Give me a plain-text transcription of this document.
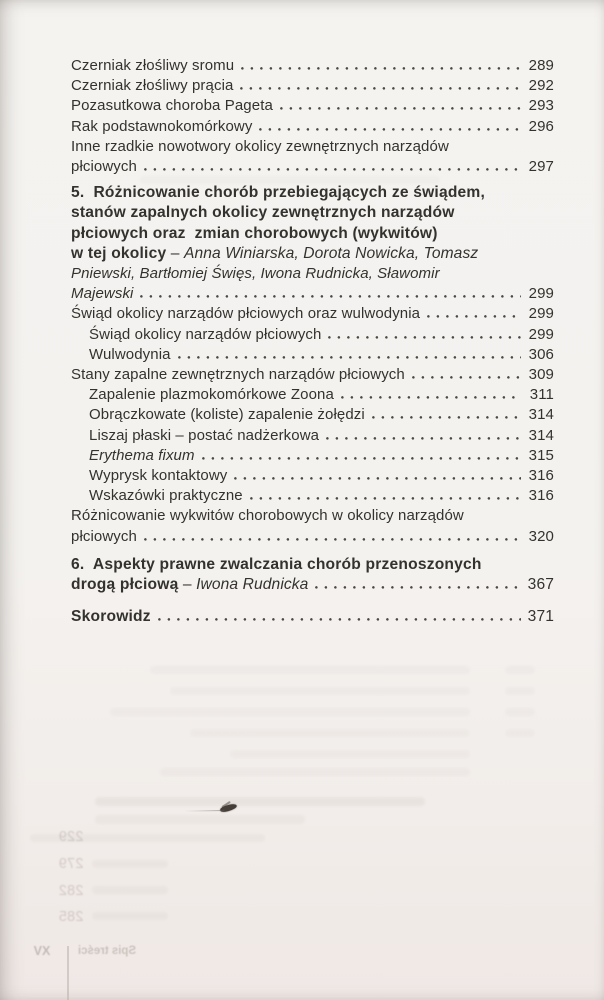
Czerniak złośliwy sromu	289
Czerniak złośliwy prącia	292
Pozasutkowa choroba Pageta	293
Rak podstawnokomórkowy	296
Inne rzadkie nowotwory okolicy zewnętrznych narządów
płciowych	297
5.  Różnicowanie chorób przebiegających ze świądem,
stanów zapalnych okolicy zewnętrznych narządów
płciowych oraz  zmian chorobowych (wykwitów)
w tej okolicy – Anna Winiarska, Dorota Nowicka, Tomasz
Pniewski, Bartłomiej Święs, Iwona Rudnicka, Sławomir
Majewski	299
Świąd okolicy narządów płciowych oraz wulwodynia	299
Świąd okolicy narządów płciowych	299
Wulwodynia	306
Stany zapalne zewnętrznych narządów płciowych	309
Zapalenie plazmokomórkowe Zoona	311
Obrączkowate (koliste) zapalenie żołędzi	314
Liszaj płaski – postać nadżerkowa	314
Erythema fixum	315
Wyprysk kontaktowy	316
Wskazówki praktyczne	316
Różnicowanie wykwitów chorobowych w okolicy narządów
płciowych	320
6.  Aspekty prawne zwalczania chorób przenoszonych
drogą płciową – Iwona Rudnicka	367
Skorowidz	371
229
279
282
285
XV	Spis treści
